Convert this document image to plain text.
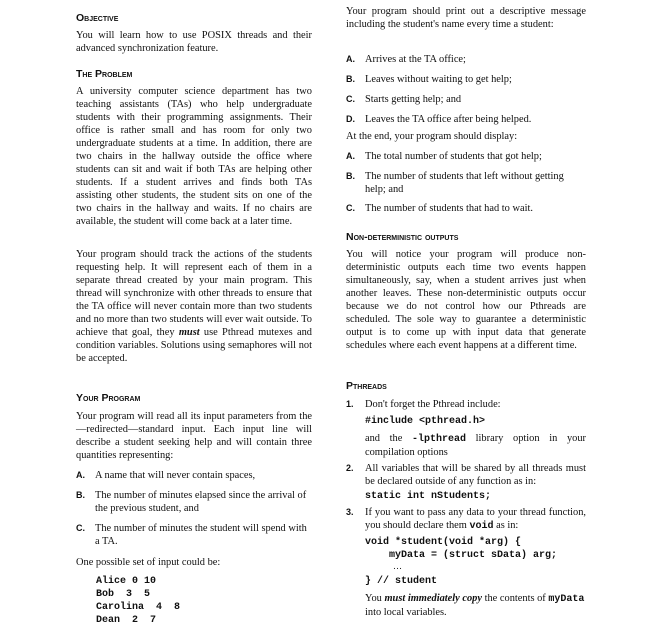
Objective
You will learn how to use POSIX threads and their advanced synchronization feature.
The Problem
A university computer science department has two teaching assistants (TAs) who help undergraduate students with their programming assignments. Their office is rather small and has room for only two undergraduate students at a time. In addition, there are two chairs in the hallway outside the office where students can sit and wait if both TAs are helping other students. If a student arrives and finds both TAs assisting other students, the student sits on one of the two chairs in the hallway and waits. If no chairs are available, the student will come back at a later time.
Your program should track the actions of the students requesting help. It will represent each of them in a separate thread created by your main program. This thread will synchronize with other threads to ensure that the TA office will never contain more than two students and no more than two students will ever wait outside. To achieve that goal, they must use Pthread mutexes and condition variables. Solutions using semaphores will not be accepted.
Your Program
Your program will read all its input parameters from the—redirected—standard input. Each input line will describe a student seeking help and will contain three quantities representing:
A. A name that will never contain spaces,
B. The number of minutes elapsed since the arrival of the previous student, and
C. The number of minutes the student will spend with a TA.
One possible set of input could be:
Alice 0 10
Bob  3  5
Carolina  4  8
Dean  2  7
Your program should print out a descriptive message including the student's name every time a student:
A. Arrives at the TA office;
B. Leaves without waiting to get help;
C. Starts getting help; and
D. Leaves the TA office after being helped.
At the end, your program should display:
A. The total number of students that got help;
B. The number of students that left without getting help; and
C. The number of students that had to wait.
Non-deterministic outputs
You will notice your program will produce non-deterministic outputs each time two events happen simultaneously, say, when a student arrives just when another leaves. These non-deterministic outputs occur because we do not control how our Pthreads are scheduled. The sole way to guarantee a deterministic output is to come up with input data that generate schedules where each event happens at a different time.
Pthreads
1.	Don't forget the Pthread include:
#include <pthread.h>
and the -lpthread library option in your compilation options
2.	All variables that will be shared by all threads must be declared outside of any function as in:
static int nStudents;
3.	If you want to pass any data to your thread function, you should declare them void as in:
void *student(void *arg) {
myData = (struct sData) arg;
…
} // student
You must immediately copy the contents of myData into local variables.
